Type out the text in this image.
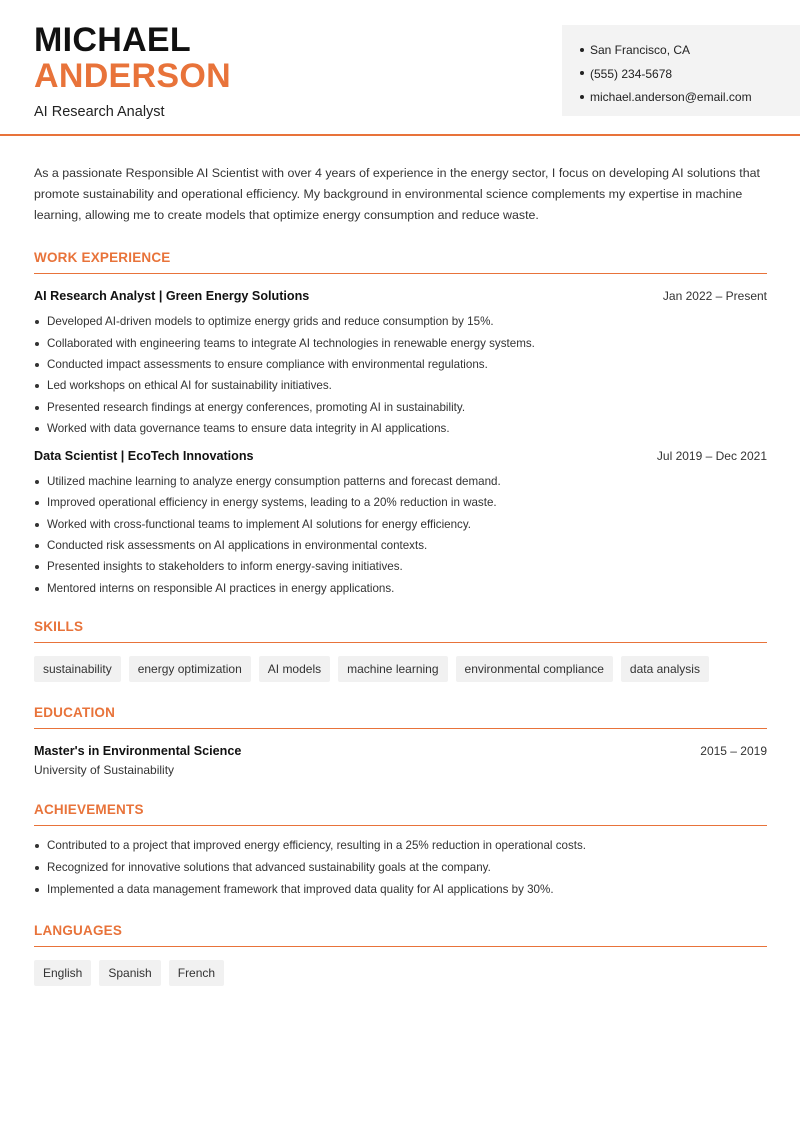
MICHAEL
ANDERSON
AI Research Analyst
San Francisco, CA
(555) 234-5678
michael.anderson@email.com

As a passionate Responsible AI Scientist with over 4 years of experience in the energy sector, I focus on developing AI solutions that promote sustainability and operational efficiency. My background in environmental science complements my expertise in machine learning, allowing me to create models that optimize energy consumption and reduce waste.

WORK EXPERIENCE
AI Research Analyst | Green Energy Solutions	Jan 2022 – Present
Developed AI-driven models to optimize energy grids and reduce consumption by 15%.
Collaborated with engineering teams to integrate AI technologies in renewable energy systems.
Conducted impact assessments to ensure compliance with environmental regulations.
Led workshops on ethical AI for sustainability initiatives.
Presented research findings at energy conferences, promoting AI in sustainability.
Worked with data governance teams to ensure data integrity in AI applications.
Data Scientist | EcoTech Innovations	Jul 2019 – Dec 2021
Utilized machine learning to analyze energy consumption patterns and forecast demand.
Improved operational efficiency in energy systems, leading to a 20% reduction in waste.
Worked with cross-functional teams to implement AI solutions for energy efficiency.
Conducted risk assessments on AI applications in environmental contexts.
Presented insights to stakeholders to inform energy-saving initiatives.
Mentored interns on responsible AI practices in energy applications.
SKILLS
sustainability	energy optimization	AI models	machine learning	environmental compliance	data analysis
EDUCATION
Master's in Environmental Science	2015 – 2019
University of Sustainability
ACHIEVEMENTS
Contributed to a project that improved energy efficiency, resulting in a 25% reduction in operational costs.
Recognized for innovative solutions that advanced sustainability goals at the company.
Implemented a data management framework that improved data quality for AI applications by 30%.
LANGUAGES
English	Spanish	French
